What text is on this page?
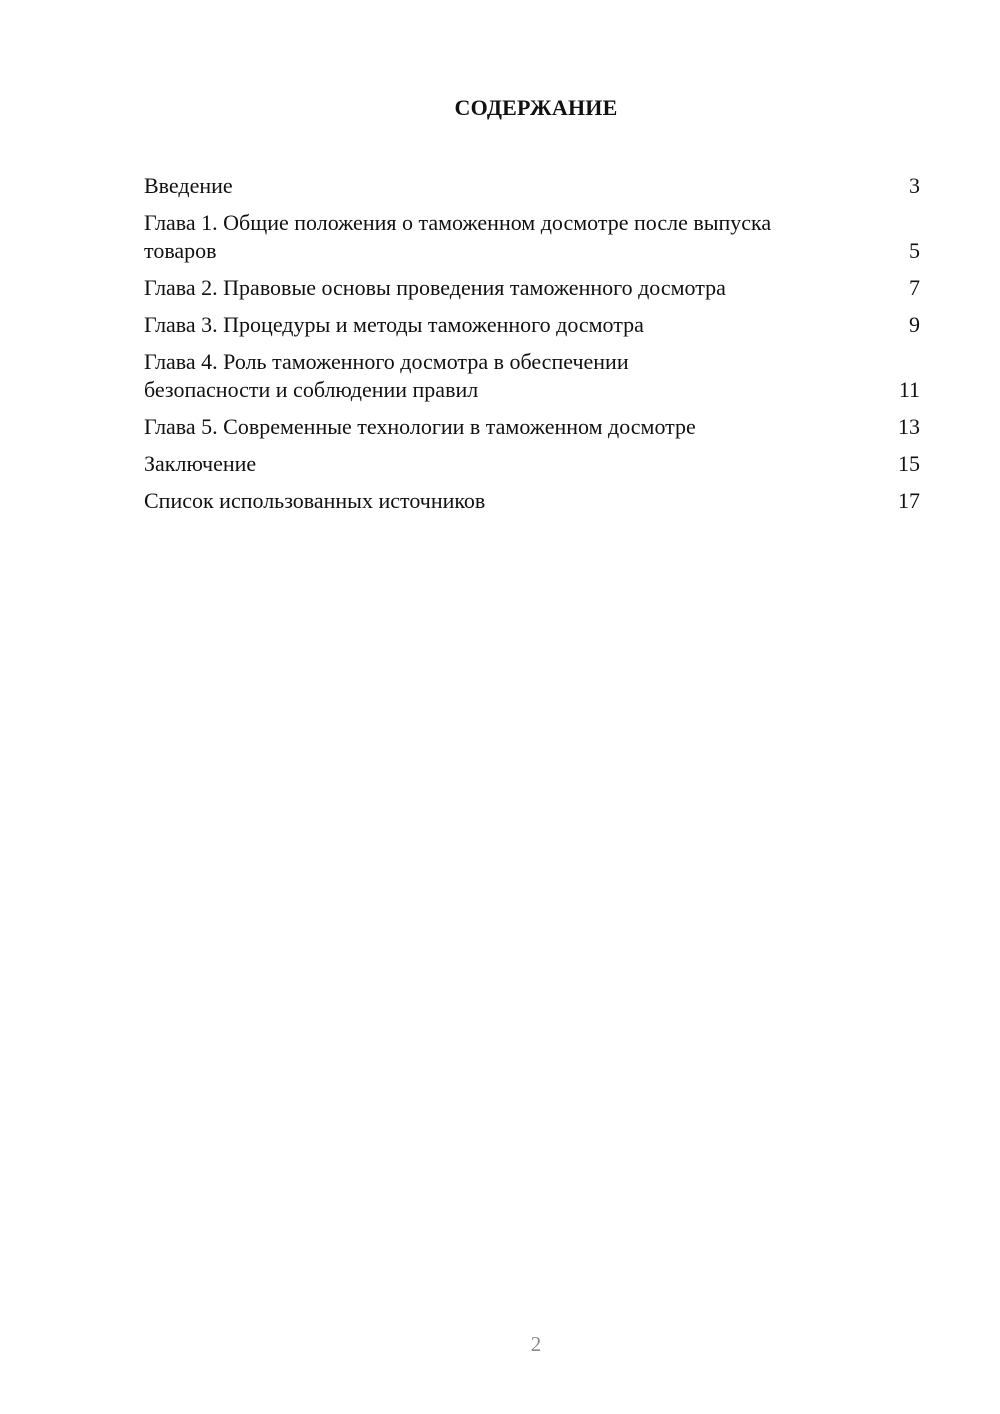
СОДЕРЖАНИЕ
Введение	3
Глава 1. Общие положения о таможенном досмотре после выпуска товаров	5
Глава 2. Правовые основы проведения таможенного досмотра	7
Глава 3. Процедуры и методы таможенного досмотра	9
Глава 4. Роль таможенного досмотра в обеспечении безопасности и соблюдении правил	11
Глава 5. Современные технологии в таможенном досмотре	13
Заключение	15
Список использованных источников	17
2
